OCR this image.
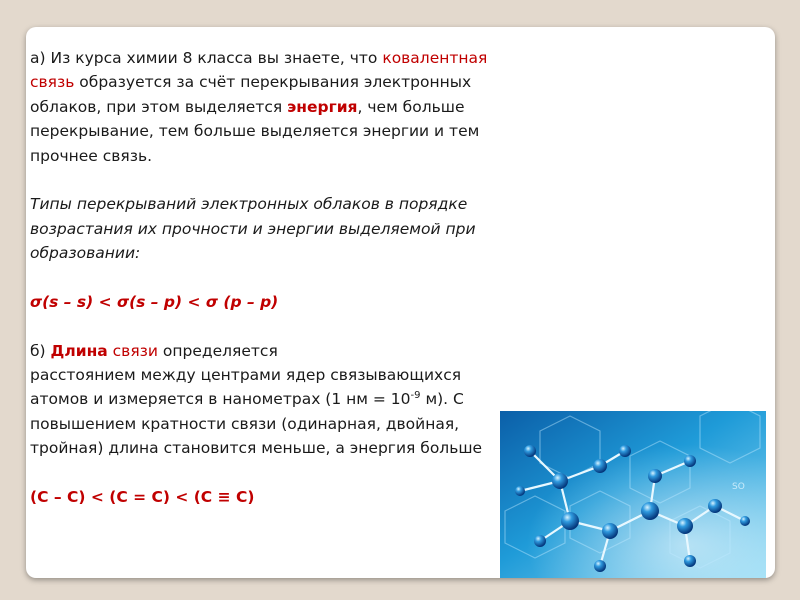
а) Из курса химии 8 класса вы знаете, что ковалентная
связь образуется за счёт перекрывания электронных
облаков, при этом выделяется энергия, чем больше
перекрывание, тем больше выделяется энергии и тем
прочнее связь.
Типы перекрываний электронных облаков в порядке
возрастания их прочности и энергии выделяемой при
образовании:
σ(s – s) < σ(s – p) < σ (p – p)
б) Длина связи определяется
расстоянием между центрами ядер связывающихся
атомов и измеряется в нанометрах (1 нм = $10^{-9}$ м). С
повышением кратности связи (одинарная, двойная,
тройная) длина становится меньше, а энергия больше
(С – С) < (С = С) < (С ≡ С)
SO
